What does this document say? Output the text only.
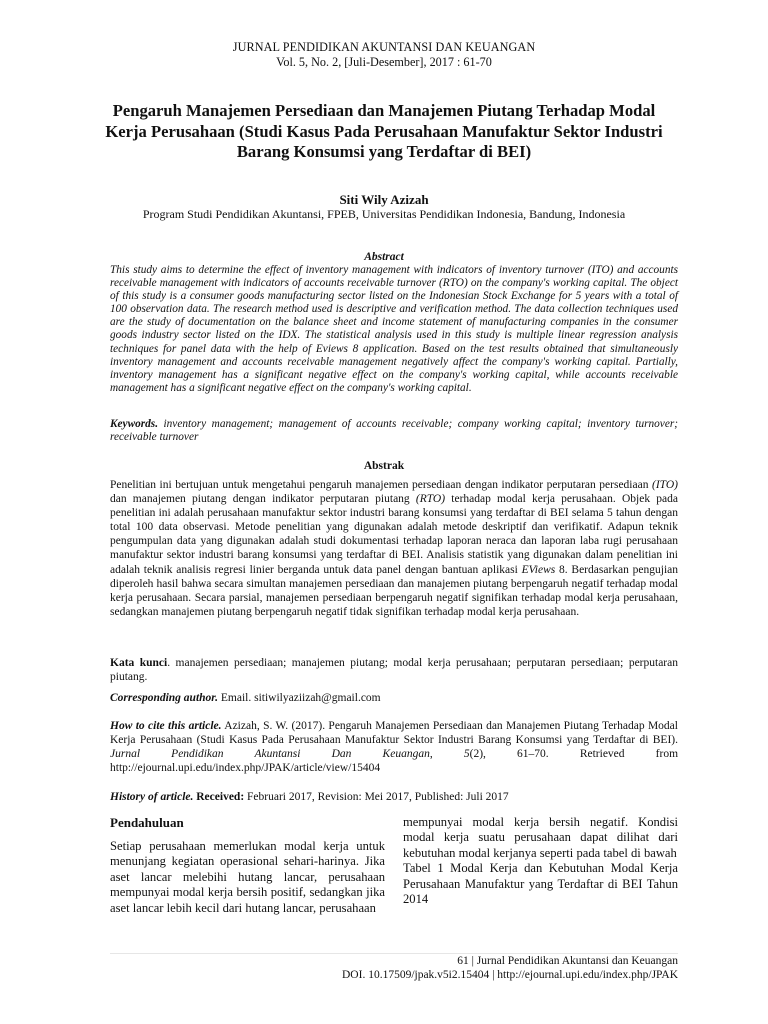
JURNAL PENDIDIKAN AKUNTANSI DAN KEUANGAN
Vol. 5, No. 2, [Juli-Desember], 2017 : 61-70
Pengaruh Manajemen Persediaan dan Manajemen Piutang Terhadap Modal Kerja Perusahaan (Studi Kasus Pada Perusahaan Manufaktur Sektor Industri Barang Konsumsi yang Terdaftar di BEI)
Siti Wily Azizah
Program Studi Pendidikan Akuntansi, FPEB, Universitas Pendidikan Indonesia, Bandung, Indonesia
Abstract

This study aims to determine the effect of inventory management with indicators of inventory turnover (ITO) and accounts receivable management with indicators of accounts receivable turnover (RTO) on the company's working capital. The object of this study is a consumer goods manufacturing sector listed on the Indonesian Stock Exchange for 5 years with a total of 100 observation data. The research method used is descriptive and verification method. The data collection techniques used are the study of documentation on the balance sheet and income statement of manufacturing companies in the consumer goods industry sector listed on the IDX. The statistical analysis used in this study is multiple linear regression analysis techniques for panel data with the help of Eviews 8 application. Based on the test results obtained that simultaneously inventory management and accounts receivable management negatively affect the company's working capital. Partially, inventory management has a significant negative effect on the company's working capital, while accounts receivable management has a significant negative effect on the company's working capital.

Keywords. inventory management; management of accounts receivable; company working capital; inventory turnover; receivable turnover

Abstrak

Penelitian ini bertujuan untuk mengetahui pengaruh manajemen persediaan dengan indikator perputaran persediaan (ITO) dan manajemen piutang dengan indikator perputaran piutang (RTO) terhadap modal kerja perusahaan. Objek pada penelitian ini adalah perusahaan manufaktur sektor industri barang konsumsi yang terdaftar di BEI selama 5 tahun dengan total 100 data observasi. Metode penelitian yang digunakan adalah metode deskriptif dan verifikatif. Adapun teknik pengumpulan data yang digunakan adalah studi dokumentasi terhadap laporan neraca dan laporan laba rugi perusahaan manufaktur sektor industri barang konsumsi yang terdaftar di BEI. Analisis statistik yang digunakan dalam penelitian ini adalah teknik analisis regresi linier berganda untuk data panel dengan bantuan aplikasi EViews 8. Berdasarkan pengujian diperoleh hasil bahwa secara simultan manajemen persediaan dan manajemen piutang berpengaruh negatif terhadap modal kerja perusahaan. Secara parsial, manajemen persediaan berpengaruh negatif signifikan terhadap modal kerja perusahaan, sedangkan manajemen piutang berpengaruh negatif tidak signifikan terhadap modal kerja perusahaan.

Kata kunci. manajemen persediaan; manajemen piutang; modal kerja perusahaan; perputaran persediaan; perputaran piutang.

Corresponding author. Email. sitiwilyaziizah@gmail.com

How to cite this article. Azizah, S. W. (2017). Pengaruh Manajemen Persediaan dan Manajemen Piutang Terhadap Modal Kerja Perusahaan (Studi Kasus Pada Perusahaan Manufaktur Sektor Industri Barang Konsumsi yang Terdaftar di BEI). Jurnal Pendidikan Akuntansi Dan Keuangan, 5(2), 61–70. Retrieved from http://ejournal.upi.edu/index.php/JPAK/article/view/15404

History of article. Received: Februari 2017, Revision: Mei 2017, Published: Juli 2017

Pendahuluan

Setiap perusahaan memerlukan modal kerja untuk menunjang kegiatan operasional sehari-harinya. Jika aset lancar melebihi hutang lancar, perusahaan mempunyai modal kerja bersih positif, sedangkan jika aset lancar lebih kecil dari hutang lancar, perusahaan

mempunyai modal kerja bersih negatif. Kondisi modal kerja suatu perusahaan dapat dilihat dari kebutuhan modal kerjanya seperti pada tabel di bawah

Tabel 1 Modal Kerja dan Kebutuhan Modal Kerja Perusahaan Manufaktur yang Terdaftar di BEI Tahun 2014

61 | Jurnal Pendidikan Akuntansi dan Keuangan
DOI. 10.17509/jpak.v5i2.15404 | http://ejournal.upi.edu/index.php/JPAK
